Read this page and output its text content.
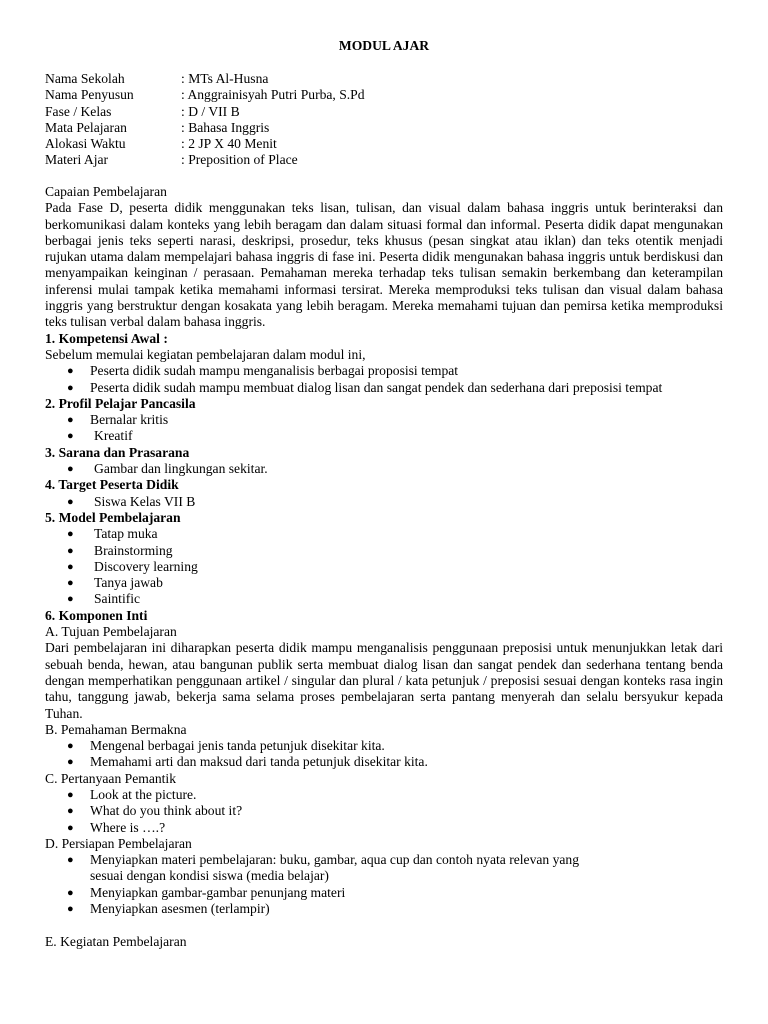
MODUL AJAR
Nama Sekolah	: MTs Al-Husna
Nama Penyusun	: Anggrainisyah Putri Purba, S.Pd
Fase / Kelas	: D / VII B
Mata Pelajaran	: Bahasa Inggris
Alokasi Waktu	: 2 JP X 40 Menit
Materi Ajar	: Preposition of Place

Capaian Pembelajaran

Pada Fase D, peserta didik menggunakan teks lisan, tulisan, dan visual dalam bahasa inggris untuk berinteraksi dan berkomunikasi dalam konteks yang lebih beragam dan dalam situasi formal dan informal. Peserta didik dapat mengunakan berbagai jenis teks seperti narasi, deskripsi, prosedur, teks khusus (pesan singkat atau iklan) dan teks otentik menjadi rujukan utama dalam mempelajari bahasa inggris di fase ini. Peserta didik mengunakan bahasa inggris untuk berdiskusi dan menyampaikan keinginan / perasaan. Pemahaman mereka terhadap teks tulisan semakin berkembang dan keterampilan inferensi mulai tampak ketika memahami informasi tersirat. Mereka memproduksi teks tulisan dan visual dalam bahasa inggris yang berstruktur dengan kosakata yang lebih beragam. Mereka memahami tujuan dan pemirsa ketika memproduksi teks tulisan verbal dalam bahasa inggris.

1. Kompetensi Awal :

Sebelum memulai kegiatan pembelajaran dalam modul ini,

● Peserta didik sudah mampu menganalisis berbagai proposisi tempat
● Peserta didik sudah mampu membuat dialog lisan dan sangat pendek dan sederhana dari preposisi tempat

2. Profil Pelajar Pancasila

● Bernalar kritis
● Kreatif

3. Sarana dan Prasarana

● Gambar dan lingkungan sekitar.

4. Target Peserta Didik

● Siswa Kelas VII B

5. Model Pembelajaran

● Tatap muka
● Brainstorming
● Discovery learning
● Tanya jawab
● Saintific

6. Komponen Inti

A. Tujuan Pembelajaran

Dari pembelajaran ini diharapkan peserta didik mampu menganalisis penggunaan preposisi untuk menunjukkan letak dari sebuah benda, hewan, atau bangunan publik serta membuat dialog lisan dan sangat pendek dan sederhana tentang benda dengan memperhatikan penggunaan artikel / singular dan plural / kata petunjuk / preposisi sesuai dengan konteks rasa ingin tahu, tanggung jawab, bekerja sama selama proses pembelajaran serta pantang menyerah dan selalu bersyukur kepada Tuhan.

B. Pemahaman Bermakna

● Mengenal berbagai jenis tanda petunjuk disekitar kita.
● Memahami arti dan maksud dari tanda petunjuk disekitar kita.

C. Pertanyaan Pemantik

● Look at the picture.
● What do you think about it?
● Where is ….?

D. Persiapan Pembelajaran

● Menyiapkan materi pembelajaran: buku, gambar, aqua cup dan contoh nyata relevan yang
sesuai dengan kondisi siswa (media belajar)
● Menyiapkan gambar-gambar penunjang materi
● Menyiapkan asesmen (terlampir)

E. Kegiatan Pembelajaran
